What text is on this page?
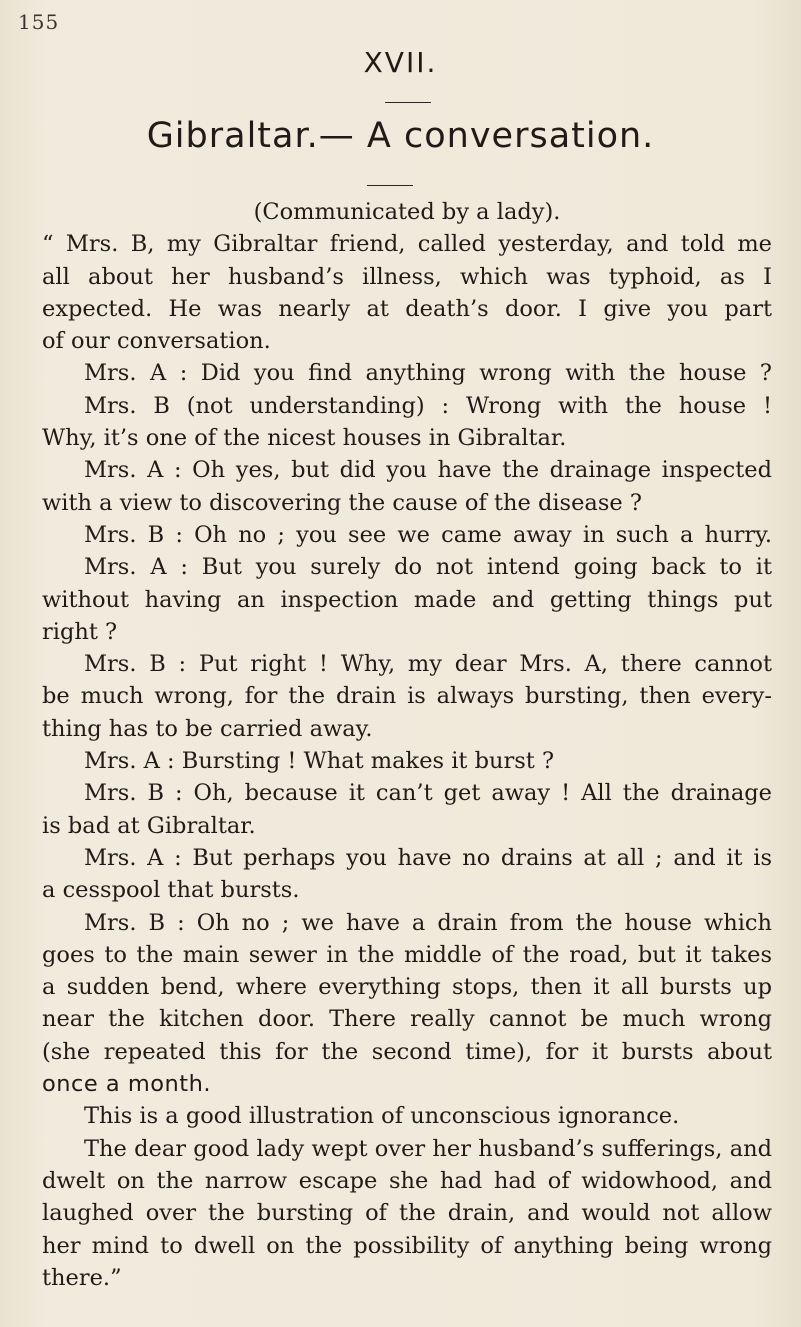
155
XVII.
Gibraltar.— A conversation.
(Communicated by a lady).
“ Mrs. B, my Gibraltar friend, called yesterday, and told me
all about her husband’s illness, which was typhoid, as I
expected. He was nearly at death’s door. I give you part
of our conversation.
Mrs. A : Did you find anything wrong with the house ?
Mrs. B (not understanding) : Wrong with the house !
Why, it’s one of the nicest houses in Gibraltar.
Mrs. A : Oh yes, but did you have the drainage inspected
with a view to discovering the cause of the disease ?
Mrs. B : Oh no ; you see we came away in such a hurry.
Mrs. A : But you surely do not intend going back to it
without having an inspection made and getting things put
right ?
Mrs. B : Put right ! Why, my dear Mrs. A, there cannot
be much wrong, for the drain is always bursting, then every-
thing has to be carried away.
Mrs. A : Bursting ! What makes it burst ?
Mrs. B : Oh, because it can’t get away ! All the drainage
is bad at Gibraltar.
Mrs. A : But perhaps you have no drains at all ; and it is
a cesspool that bursts.
Mrs. B : Oh no ; we have a drain from the house which
goes to the main sewer in the middle of the road, but it takes
a sudden bend, where everything stops, then it all bursts up
near the kitchen door. There really cannot be much wrong
(she repeated this for the second time), for it bursts about
once a month.
This is a good illustration of unconscious ignorance.
The dear good lady wept over her husband’s sufferings, and
dwelt on the narrow escape she had had of widowhood, and
laughed over the bursting of the drain, and would not allow
her mind to dwell on the possibility of anything being wrong
there.”
